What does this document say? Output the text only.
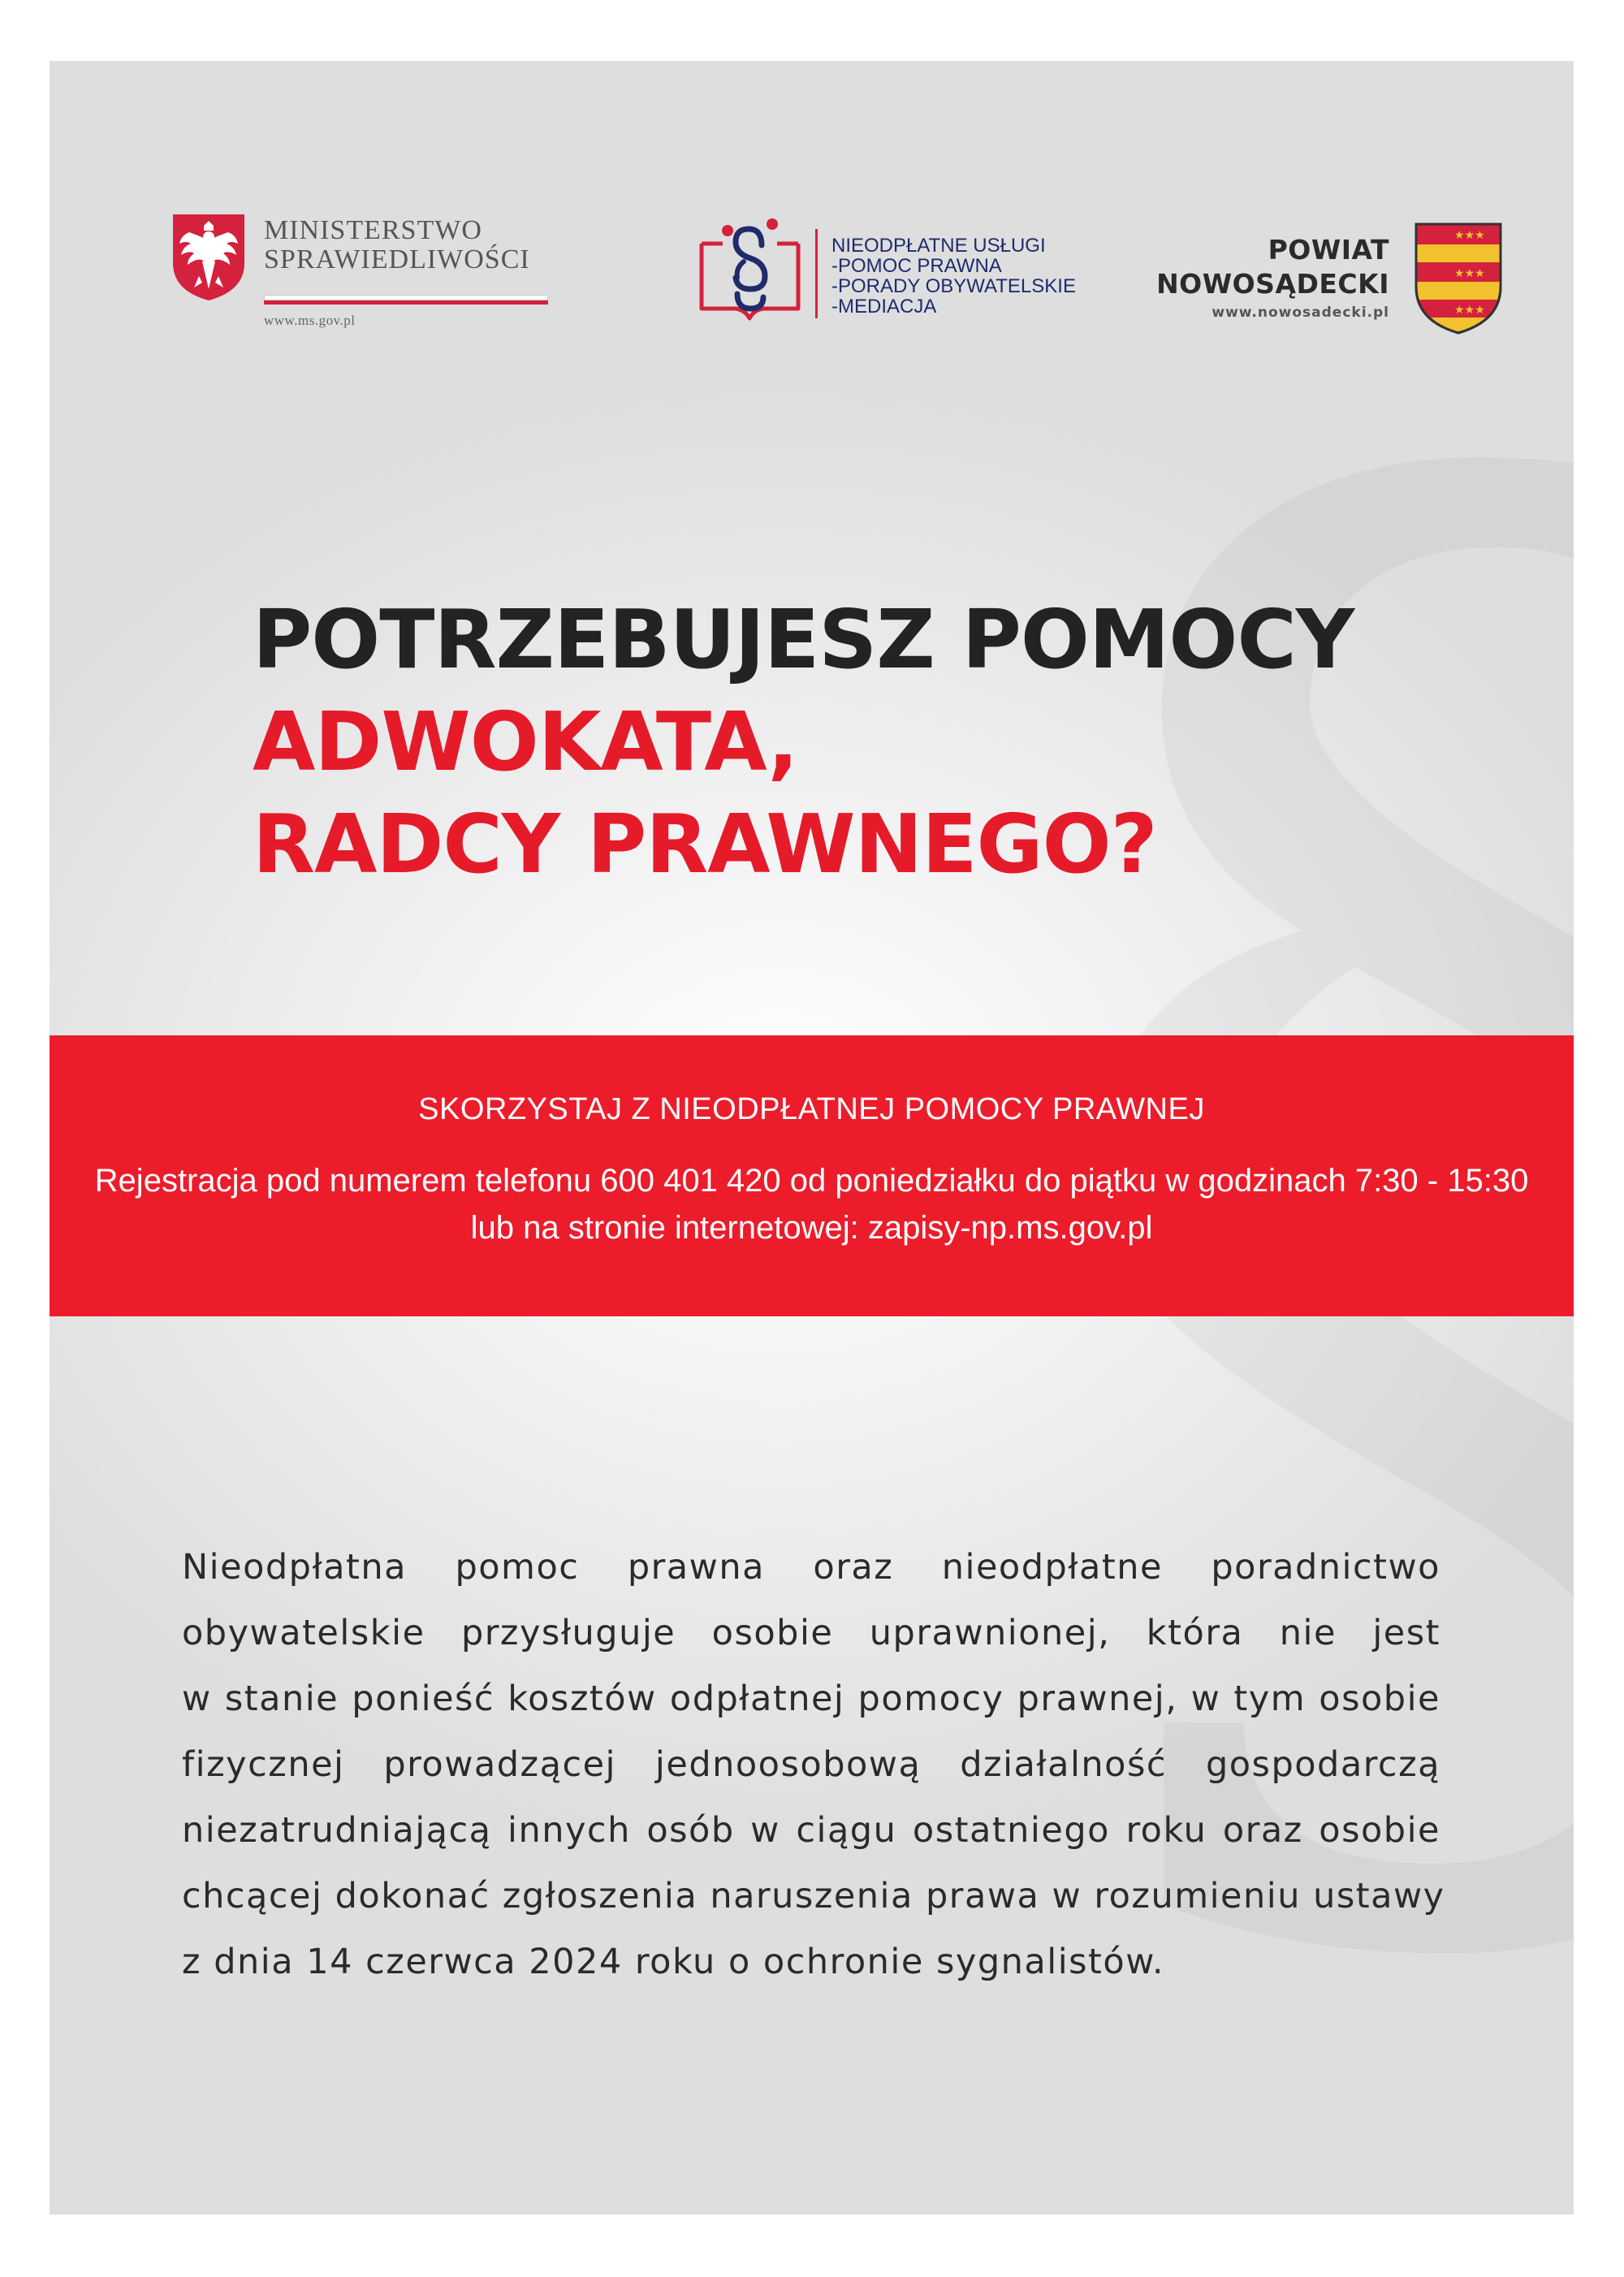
MINISTERSTWO
SPRAWIEDLIWOŚCI
www.ms.gov.pl
NIEODPŁATNE USŁUGI
-POMOC PRAWNA
-PORADY OBYWATELSKIE
-MEDIACJA
POWIAT
NOWOSĄDECKI
www.nowosadecki.pl
★★★
★★★
★★★
POTRZEBUJESZ POMOCY
ADWOKATA,
RADCY PRAWNEGO?
SKORZYSTAJ Z NIEODPŁATNEJ POMOCY PRAWNEJ
Rejestracja pod numerem telefonu 600 401 420 od poniedziałku do piątku w godzinach 7:30 - 15:30
lub na stronie internetowej: zapisy-np.ms.gov.pl
Nieodpłatna pomoc prawna oraz nieodpłatne poradnictwo
obywatelskie przysługuje osobie uprawnionej, która nie jest
w stanie ponieść kosztów odpłatnej pomocy prawnej, w tym osobie
fizycznej prowadzącej jednoosobową działalność gospodarczą
niezatrudniającą innych osób w ciągu ostatniego roku oraz osobie
chcącej dokonać zgłoszenia naruszenia prawa w rozumieniu ustawy
z dnia 14 czerwca 2024 roku o ochronie sygnalistów.
